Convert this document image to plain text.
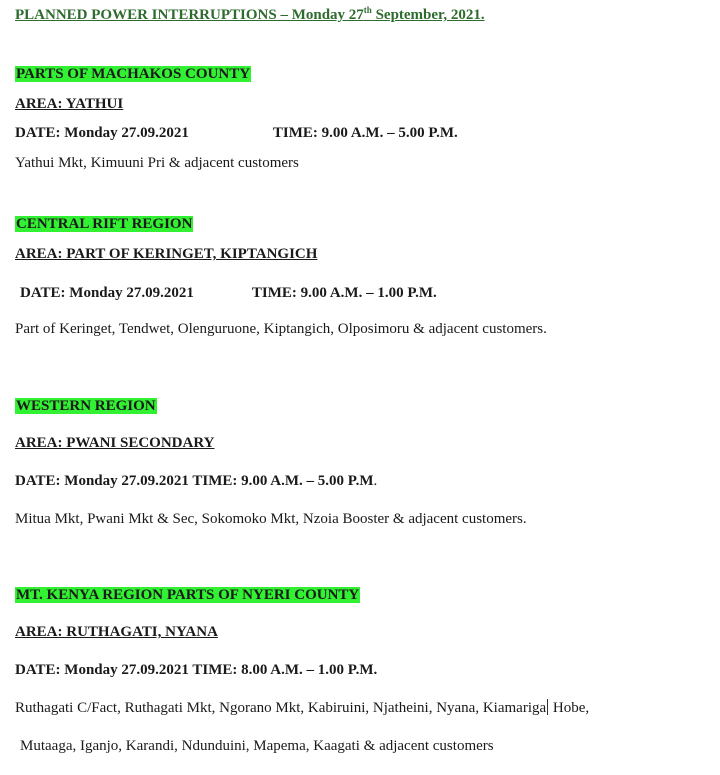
PLANNED POWER INTERRUPTIONS – Monday 27th September, 2021.
PARTS OF MACHAKOS COUNTY
AREA: YATHUI
DATE: Monday 27.09.2021	TIME: 9.00 A.M. – 5.00 P.M.
Yathui Mkt, Kimuuni Pri & adjacent customers
CENTRAL RIFT REGION
AREA: PART OF KERINGET, KIPTANGICH
DATE: Monday 27.09.2021	TIME: 9.00 A.M. – 1.00 P.M.
Part of Keringet, Tendwet, Olenguruone, Kiptangich, Olposimoru & adjacent customers.
WESTERN REGION
AREA: PWANI SECONDARY
DATE: Monday 27.09.2021 TIME: 9.00 A.M. – 5.00 P.M.
Mitua Mkt, Pwani Mkt & Sec, Sokomoko Mkt, Nzoia Booster & adjacent customers.
MT. KENYA REGION PARTS OF NYERI COUNTY
AREA: RUTHAGATI, NYANA
DATE: Monday 27.09.2021 TIME: 8.00 A.M. – 1.00 P.M.
Ruthagati C/Fact, Ruthagati Mkt, Ngorano Mkt, Kabiruini, Njatheini, Nyana, Kiamariga Hobe,
Mutaaga, Iganjo, Karandi, Ndunduini, Mapema, Kaagati & adjacent customers
